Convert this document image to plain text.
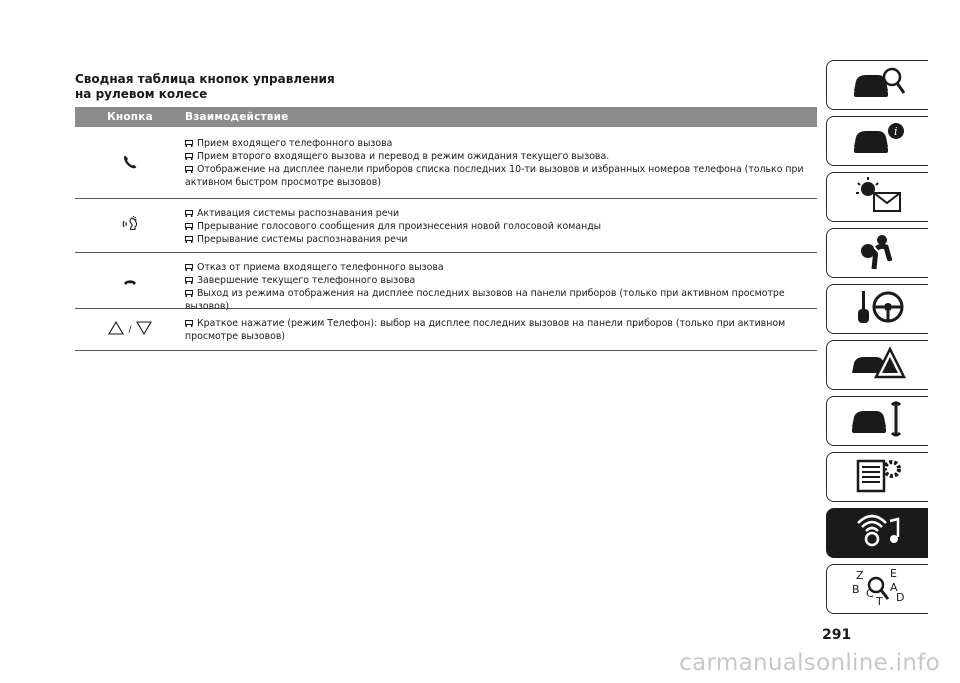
Сводная таблица кнопок управления
на рулевом колесе
Кнопка	Взаимодействие
Прием входящего телефонного вызова
Прием второго входящего вызова и перевод в режим ожидания текущего вызова.
Отображение на дисплее панели приборов списка последних 10-ти вызовов и избранных номеров телефона (только при активном быстром просмотре вызовов)
Активация системы распознавания речи
Прерывание голосового сообщения для произнесения новой голосовой команды
Прерывание системы распознавания речи
Отказ от приема входящего телефонного вызова
Завершение текущего телефонного вызова
Выход из режима отображения на дисплее последних вызовов на панели приборов (только при активном просмотре вызовов)
/
Краткое нажатие (режим Телефон): выбор на дисплее последних вызовов на панели приборов (только при активном просмотре вызовов)
i
Z E
B	A
C
T D
291
carmanualsonline.info
